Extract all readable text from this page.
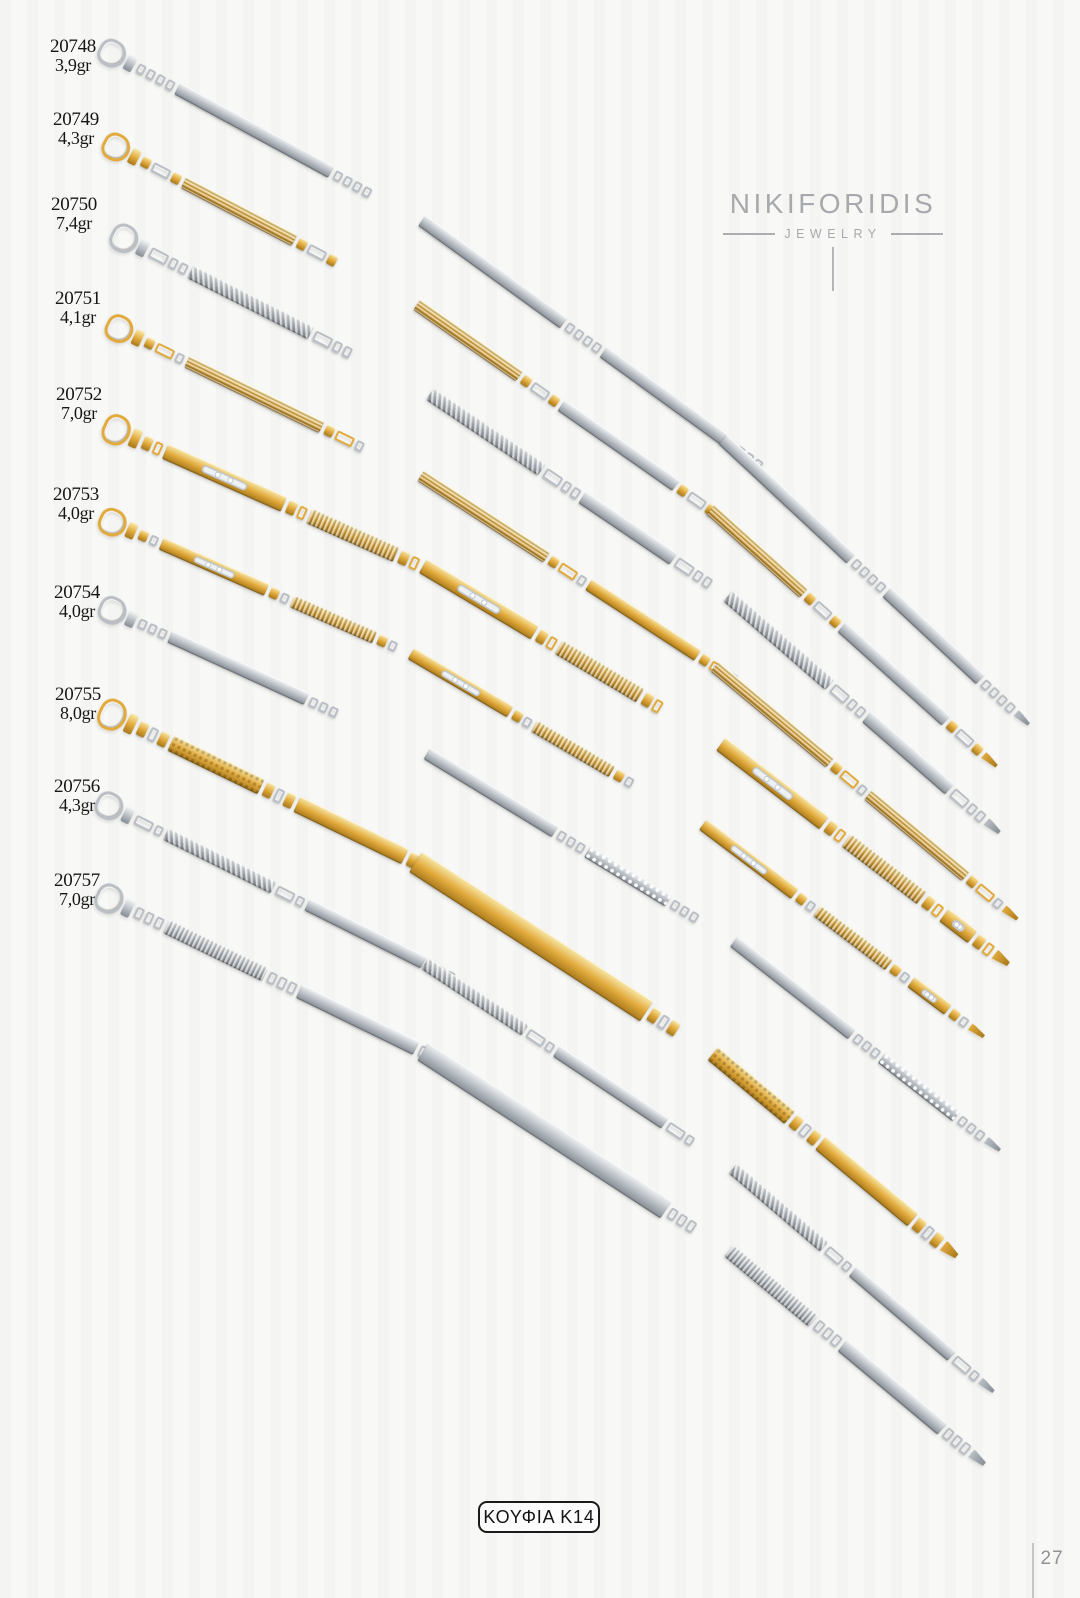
NIKIFORIDIS
JEWELRY
20748
3,9gr
20749
4,3gr
20750
7,4gr
20751
4,1gr
20752
7,0gr
20753
4,0gr
20754
4,0gr
20755
8,0gr
20756
4,3gr
20757
7,0gr
ΚΟΥΦΙΑ Κ14
27
